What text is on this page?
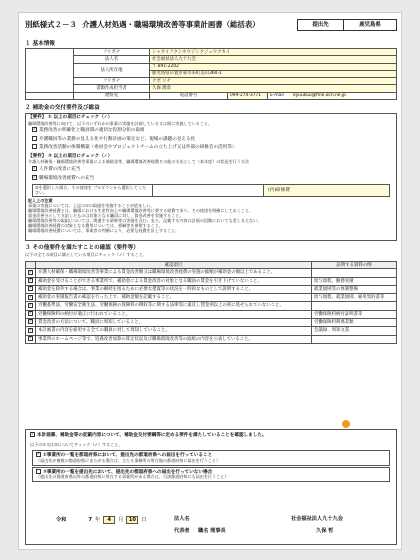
別紙様式２－３ 介護人材処遇・職場環境改善等事業計画書（総括表）	提出先	鹿児島県
１ 基本情報
	フリガナ	シャカイフクシホウジンクジュウクカイ		
	法人名	社会福祉法人九十九会		
	法人所在地	〒 891-2202		
		鹿児島県日置市東市来町美山360-1		
	フリガナ	クボ リナ		
	書類作成担当者	久保 理奈		
	連絡先	電話番号	099-274-3771	E-mail kyuukuu@fine.ocn.ne.jp
２ 補助金の交付要件及び総益
【要件】 ① 以上の項目にチェック（✓）
職場環境改善等に向けて、以下のいずれかの事業の実施を計画している又は既に実施していること。
✓ 業務改善の明確化と職員間の適切な役割分担の取組
介護職員等の業務の見える化や行動計画の策定など、現場の課題の見える化
業務改善活動の体制構築（委員会やプロジェクトチームの立ち上げ又は外部の研修会の活用等）
【要件】 ② 以上の項目にチェック（✓）
介護人材確保・職場環境改善等事業による補助金等、職場環境改善経費その他の支出として（本年度）の状況を行う方法
✓ 人件費の改善に充当
✓ 職場環境改善経費への充当
②を選択した場合、その使途を プルダウンから選択してください。	(内)研修費
記入上の注意
事業の実施については、上記の①の取組を実施することが望ましい。
職場環境改善経費とは、職場における生産性向上や職場環境改善等に要する経費であり、その使途を明確にしておくこと。
賃金改善分として支給したものは対象となる職員に対し、賃金改善を実施すること。
職場環境改善等の取組については、関連する研修等の実施を含む。また、記載する内容は計画の段階においても差し支えない。
職場環境改善経費の対象となる費用については、要綱等を参照すること。
職場環境改善経費については、事業者の判断により、必要な経費を計上すること。
３ その他要件を満たすことの確認（要件等）
以下の全ての項目に満たしている項目にチェック（✓）すること。
	確認項目	証明する資料の例
✓	介護人材確保・職場環境改善等事業による賃金改善額又は職場環境改善経費の実施の総額が補助金の額以上であること。	
✓	補助金を受けることができる事業所で、補助金による賃金改善の対象となる職員の賃金を引き下げていないこと。	給与規程、勤務実績
✓	補助金を除外する場合は、事業の継続を図るために必要な措置等の状況を一時的なものとして説明すること。	就業規則等の体制整備
✓	補助金の実績報告書の確認を行った上で、補助金額を記載すること。	給与規程、就業規則、雇用契約書等
✓	労働基準法、労働安全衛生法、労働保険の保険料の徴収等に関する法律等に違反し罰金刑以上の刑に処せられていないこと。	
✓	労働保険料の納付が適正に行われていること。	労働保険料納付証明書等
✓	賃金改善の方法について、職員に周知していること。	労働保険料関係書類
✓	本計画書の内容を雇用する全ての職員に対して周知していること。	会議録、周知文書
✓	事業所のホームページ等で、処遇改善加算の算定状況及び職場環境改善等の取組の内容を公表していること。	
✓ 本計画書、補助金等の記載内容について、補助金交付要綱等に定める要件を満たしていることを確認しました。
以下の①又は②についてチェック（✓）すること。
✓ ①事業所の一覧を都道府県において、提出先の都道府県への届出を行っていること
（届出先が複数の都道府県にまたがる場合は、主たる事務所の所在地の都道府県に届出を行うこと）
②事業所の一覧を提出先において、提出先の都道府県への届出を行っていない場合
（提出先の都道府県以外の都道府県に所在する事業所がある場合は、当該都道府県にも届出を行うこと）
令和	7 年	4	月	10	日	法人名	社会福祉法人九十九会
代表者 職名 理事長	久保 哲
